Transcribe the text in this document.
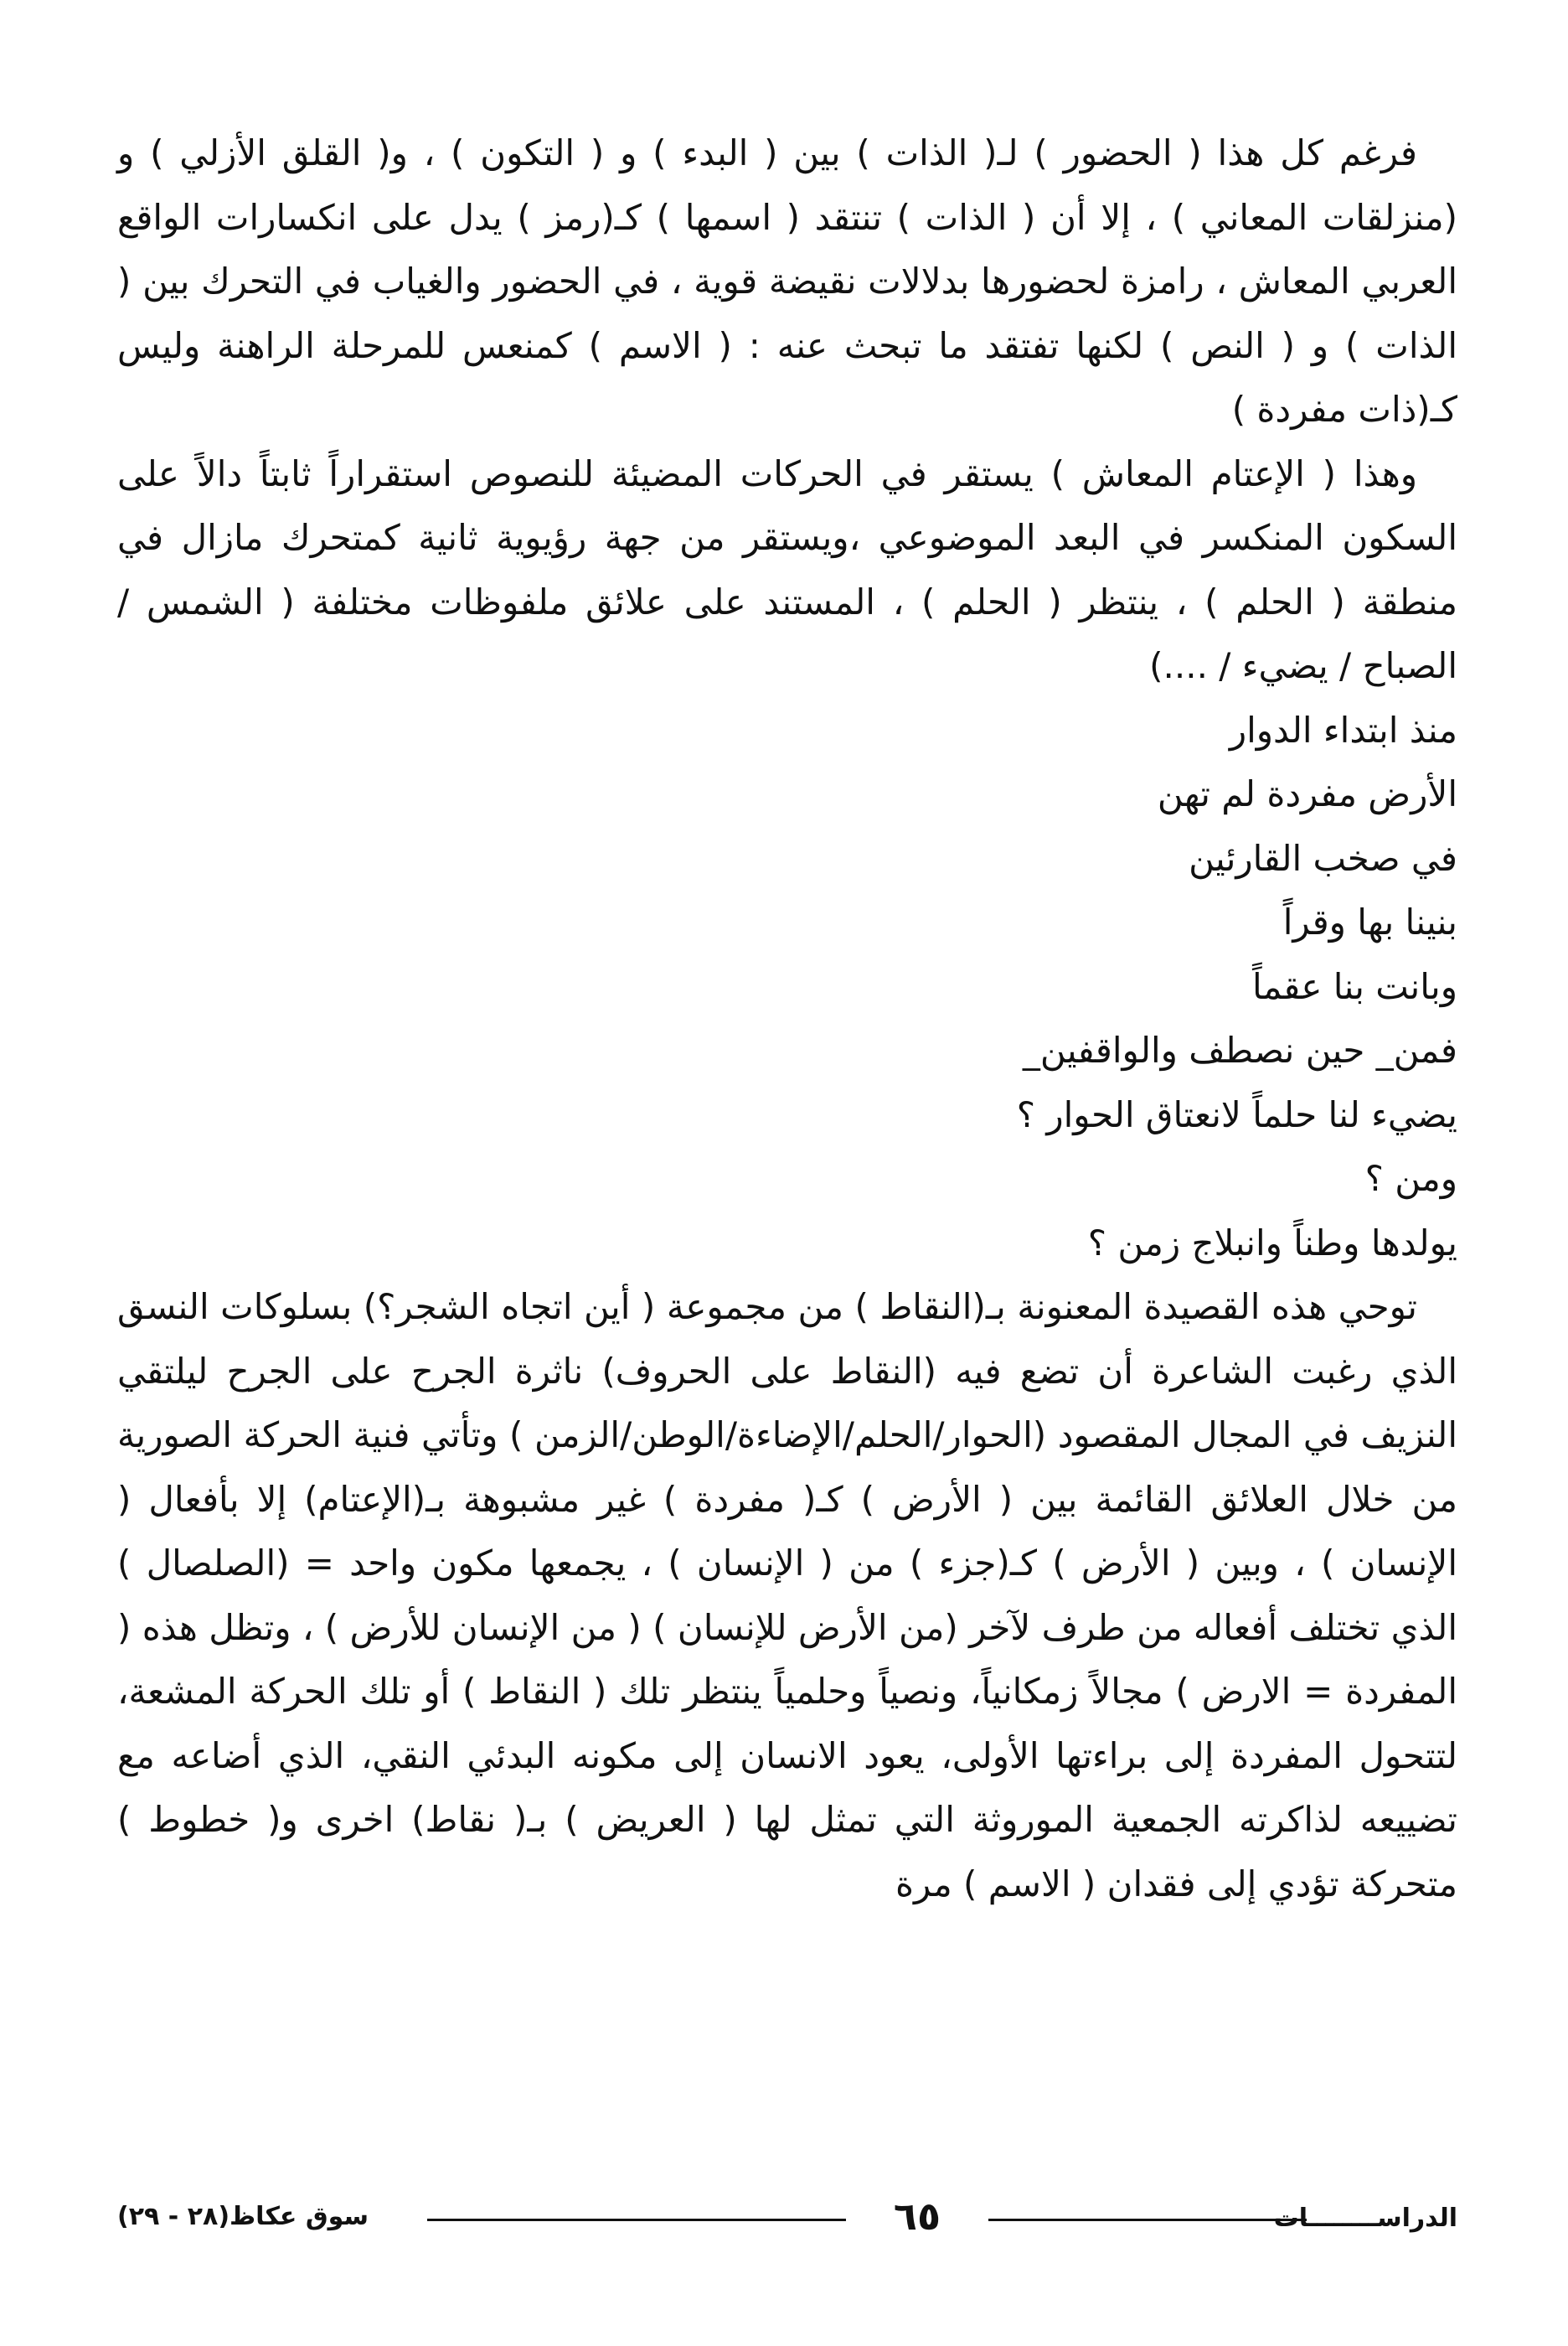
فرغم كل هذا ( الحضور ) لـ( الذات ) بين ( البدء ) و ( التكون ) ، و( القلق الأزلي ) و (منزلقات المعاني ) ، إلا أن ( الذات ) تنتقد ( اسمها ) كـ(رمز ) يدل على انكسارات الواقع العربي المعاش ، رامزة لحضورها بدلالات نقيضة قوية ، في الحضور والغياب في التحرك بين ( الذات ) و ( النص ) لكنها تفتقد ما تبحث عنه : ( الاسم ) كمنعس للمرحلة الراهنة وليس كـ(ذات مفردة )

وهذا ( الإعتام المعاش ) يستقر في الحركات المضيئة للنصوص استقراراً ثابتاً دالاً على السكون المنكسر في البعد الموضوعي ،ويستقر من جهة رؤيوية ثانية كمتحرك مازال في منطقة ( الحلم ) ، ينتظر ( الحلم ) ، المستند على علائق ملفوظات مختلفة ( الشمس / الصباح / يضيء / ....)

منذ ابتداء الدوار

الأرض مفردة لم تهن

في صخب القارئين

بنينا بها وقراً

وبانت بنا عقماً

فمن_ حين نصطف والواقفين_

يضيء لنا حلماً لانعتاق الحوار ؟

ومن ؟

يولدها وطناً وانبلاج زمن ؟

توحي هذه القصيدة المعنونة بـ(النقاط ) من مجموعة ( أين اتجاه الشجر؟) بسلوكات النسق الذي رغبت الشاعرة أن تضع فيه (النقاط على الحروف) ناثرة الجرح على الجرح ليلتقي النزيف في المجال المقصود (الحوار/الحلم/الإضاءة/الوطن/الزمن ) وتأتي فنية الحركة الصورية من خلال العلائق القائمة بين ( الأرض ) كـ( مفردة ) غير مشبوهة بـ(الإعتام) إلا بأفعال ( الإنسان ) ، وبين ( الأرض ) كـ(جزء ) من ( الإنسان ) ، يجمعها مكون واحد = (الصلصال ) الذي تختلف أفعاله من طرف لآخر (من الأرض للإنسان ) ( من الإنسان للأرض ) ، وتظل هذه ( المفردة = الارض ) مجالاً زمكانياً، ونصياً وحلمياً ينتظر تلك ( النقاط ) أو تلك الحركة المشعة، لتتحول المفردة إلى براءتها الأولى، يعود الانسان إلى مكونه البدئي النقي، الذي أضاعه مع تضييعه لذاكرته الجمعية الموروثة التي تمثل لها ( العريض ) بـ( نقاط) اخرى و( خطوط ) متحركة تؤدي إلى فقدان ( الاسم ) مرة

سوق عكاظ(٢٨ - ٢٩)	٦٥	الدراســــــــات
